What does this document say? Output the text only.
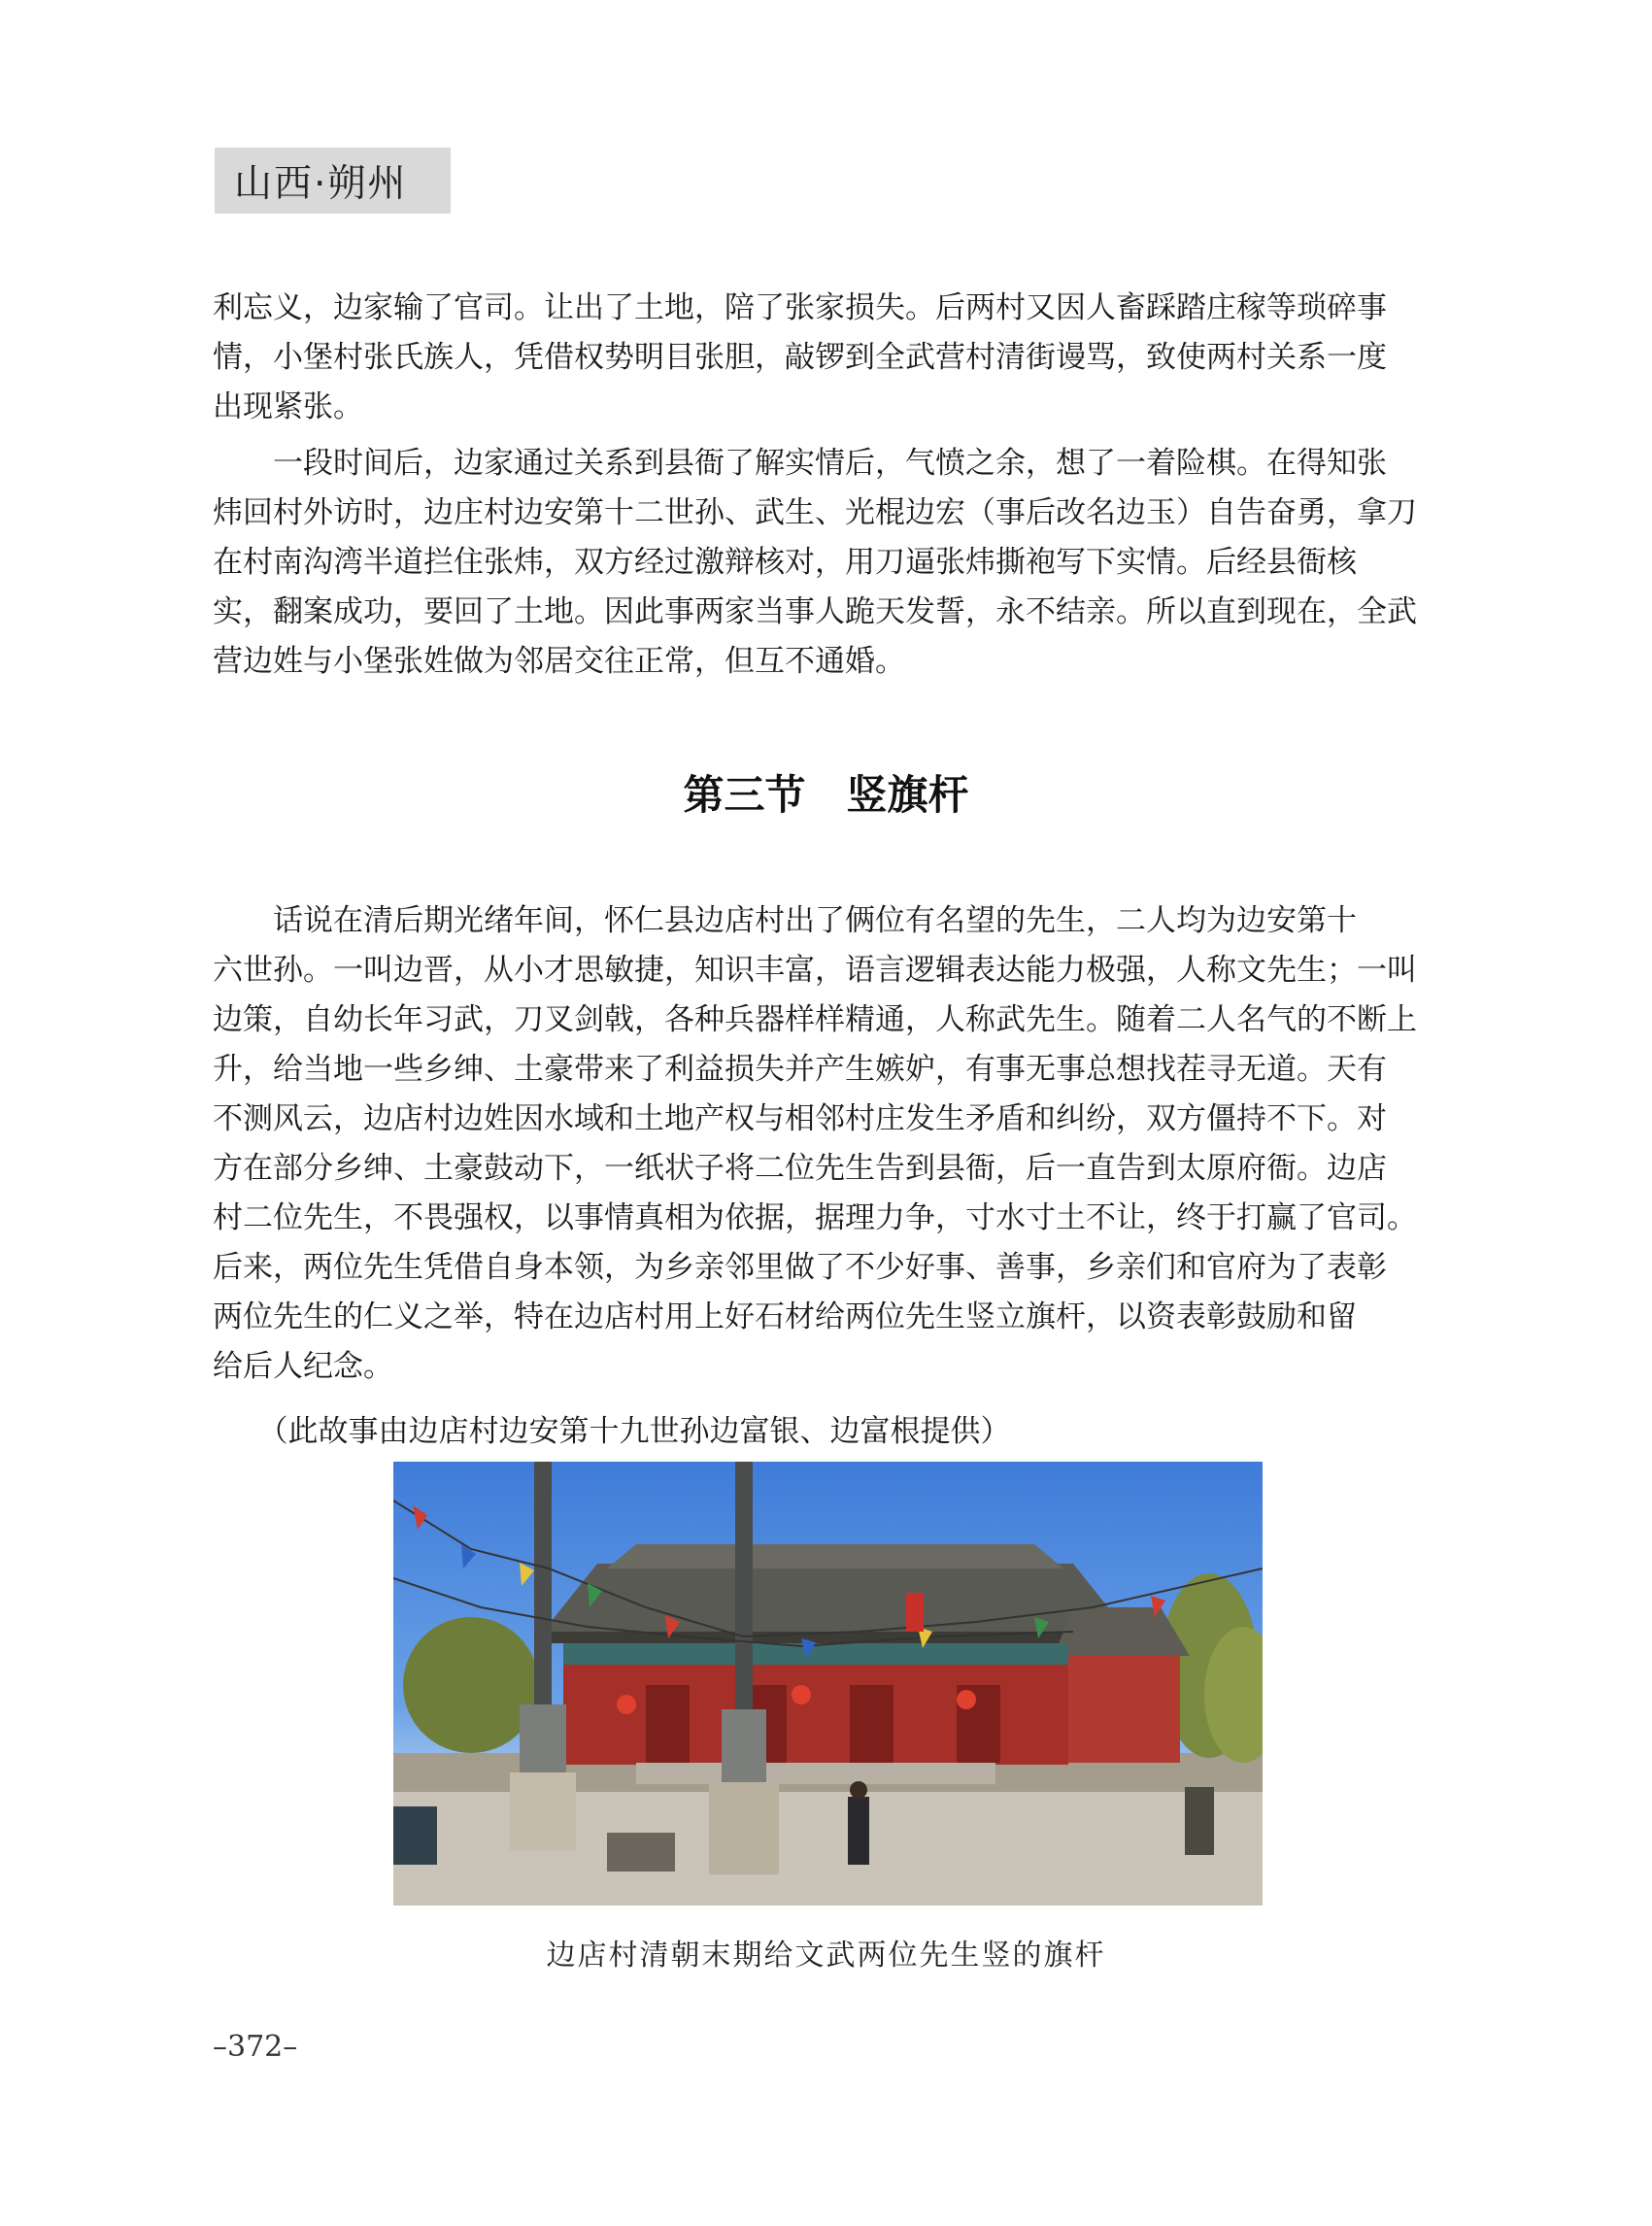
山西·朔州
利忘义，边家输了官司。让出了土地，陪了张家损失。后两村又因人畜踩踏庄稼等琐碎事
情，小堡村张氏族人，凭借权势明目张胆，敲锣到全武营村清街谩骂，致使两村关系一度
出现紧张。
　　一段时间后，边家通过关系到县衙了解实情后，气愤之余，想了一着险棋。在得知张
炜回村外访时，边庄村边安第十二世孙、武生、光棍边宏（事后改名边玉）自告奋勇，拿刀
在村南沟湾半道拦住张炜，双方经过激辩核对，用刀逼张炜撕袍写下实情。后经县衙核
实，翻案成功，要回了土地。因此事两家当事人跪天发誓，永不结亲。所以直到现在，全武
营边姓与小堡张姓做为邻居交往正常，但互不通婚。
第三节　竖旗杆
　　话说在清后期光绪年间，怀仁县边店村出了俩位有名望的先生，二人均为边安第十
六世孙。一叫边晋，从小才思敏捷，知识丰富，语言逻辑表达能力极强，人称文先生；一叫
边策，自幼长年习武，刀叉剑戟，各种兵器样样精通，人称武先生。随着二人名气的不断上
升，给当地一些乡绅、土豪带来了利益损失并产生嫉妒，有事无事总想找茬寻无道。天有
不测风云，边店村边姓因水域和土地产权与相邻村庄发生矛盾和纠纷，双方僵持不下。对
方在部分乡绅、土豪鼓动下，一纸状子将二位先生告到县衙，后一直告到太原府衙。边店
村二位先生，不畏强权，以事情真相为依据，据理力争，寸水寸土不让，终于打赢了官司。
后来，两位先生凭借自身本领，为乡亲邻里做了不少好事、善事，乡亲们和官府为了表彰
两位先生的仁义之举，特在边店村用上好石材给两位先生竖立旗杆，以资表彰鼓励和留
给后人纪念。
　　（此故事由边店村边安第十九世孙边富银、边富根提供）
边店村清朝末期给文武两位先生竖的旗杆
–372–
